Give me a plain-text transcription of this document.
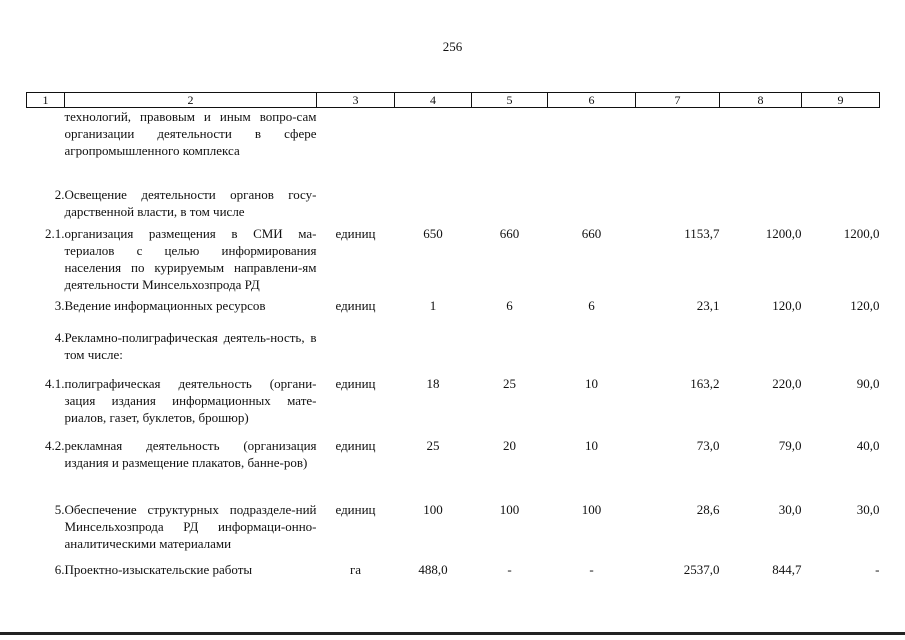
256
1	2	3	4	5	6	7	8	9
	технологий, правовым и иным вопро-сам организации деятельности в сфере агропромышленного комплекса							
2.	Освещение деятельности органов госу-дарственной власти, в том числе							
2.1.	организация размещения в СМИ ма-териалов с целью информирования населения по курируемым направлени-ям деятельности Минсельхозпрода РД	единиц	650	660	660	1153,7	1200,0	1200,0
3.	Ведение информационных ресурсов	единиц	1	6	6	23,1	120,0	120,0
4.	Рекламно-полиграфическая деятель-ность, в том числе:							
4.1.	полиграфическая деятельность (органи-зация издания информационных мате-риалов, газет, буклетов, брошюр)	единиц	18	25	10	163,2	220,0	90,0
4.2.	рекламная деятельность (организация издания и размещение плакатов, банне-ров)	единиц	25	20	10	73,0	79,0	40,0
5.	Обеспечение структурных подразделе-ний Минсельхозпрода РД информаци-онно-аналитическими материалами	единиц	100	100	100	28,6	30,0	30,0
6.	Проектно-изыскательские работы	га	488,0	-	-	2537,0	844,7	-
